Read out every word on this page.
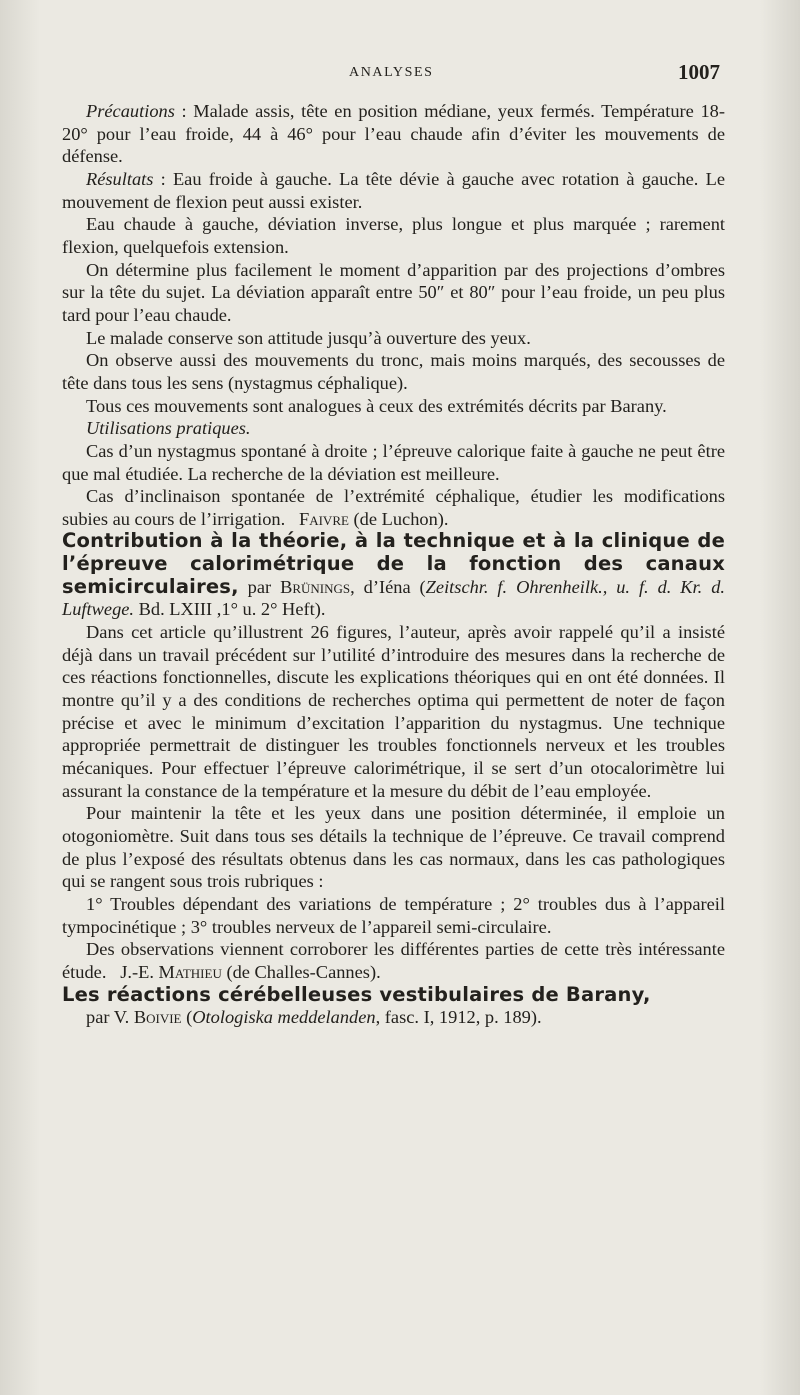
ANALYSES	1007

Précautions : Malade assis, tête en position médiane, yeux fermés. Température 18-20° pour l’eau froide, 44 à 46° pour l’eau chaude afin d’éviter les mouvements de défense.

Résultats : Eau froide à gauche. La tête dévie à gauche avec rotation à gauche. Le mouvement de flexion peut aussi exister.

Eau chaude à gauche, déviation inverse, plus longue et plus marquée ; rarement flexion, quelquefois extension.

On détermine plus facilement le moment d’apparition par des projections d’ombres sur la tête du sujet. La déviation apparaît entre 50″ et 80″ pour l’eau froide, un peu plus tard pour l’eau chaude.

Le malade conserve son attitude jusqu’à ouverture des yeux.

On observe aussi des mouvements du tronc, mais moins marqués, des secousses de tête dans tous les sens (nystagmus céphalique).

Tous ces mouvements sont analogues à ceux des extrémités décrits par Barany.

Utilisations pratiques.

Cas d’un nystagmus spontané à droite ; l’épreuve calorique faite à gauche ne peut être que mal étudiée. La recherche de la déviation est meilleure.

Cas d’inclinaison spontanée de l’extrémité céphalique, étudier les modifications subies au cours de l’irrigation. Faivre (de Luchon).

Contribution à la théorie, à la technique et à la clinique de l’épreuve calorimétrique de la fonction des canaux semicirculaires, par Brünings, d’Iéna (Zeitschr. f. Ohrenheilk., u. f. d. Kr. d. Luftwege. Bd. LXIII ,1° u. 2° Heft).

Dans cet article qu’illustrent 26 figures, l’auteur, après avoir rappelé qu’il a insisté déjà dans un travail précédent sur l’utilité d’introduire des mesures dans la recherche de ces réactions fonctionnelles, discute les explications théoriques qui en ont été données. Il montre qu’il y a des conditions de recherches optima qui permettent de noter de façon précise et avec le minimum d’excitation l’apparition du nystagmus. Une technique appropriée permettrait de distinguer les troubles fonctionnels nerveux et les troubles mécaniques. Pour effectuer l’épreuve calorimétrique, il se sert d’un otocalorimètre lui assurant la constance de la température et la mesure du débit de l’eau employée.

Pour maintenir la tête et les yeux dans une position déterminée, il emploie un otogoniomètre. Suit dans tous ses détails la technique de l’épreuve. Ce travail comprend de plus l’exposé des résultats obtenus dans les cas normaux, dans les cas pathologiques qui se rangent sous trois rubriques :

1° Troubles dépendant des variations de température ; 2° troubles dus à l’appareil tympocinétique ; 3° troubles nerveux de l’appareil semi-circulaire.

Des observations viennent corroborer les différentes parties de cette très intéressante étude. J.-E. Mathieu (de Challes-Cannes).

Les réactions cérébelleuses vestibulaires de Barany,
par V. Boivie (Otologiska meddelanden, fasc. I, 1912, p. 189).
